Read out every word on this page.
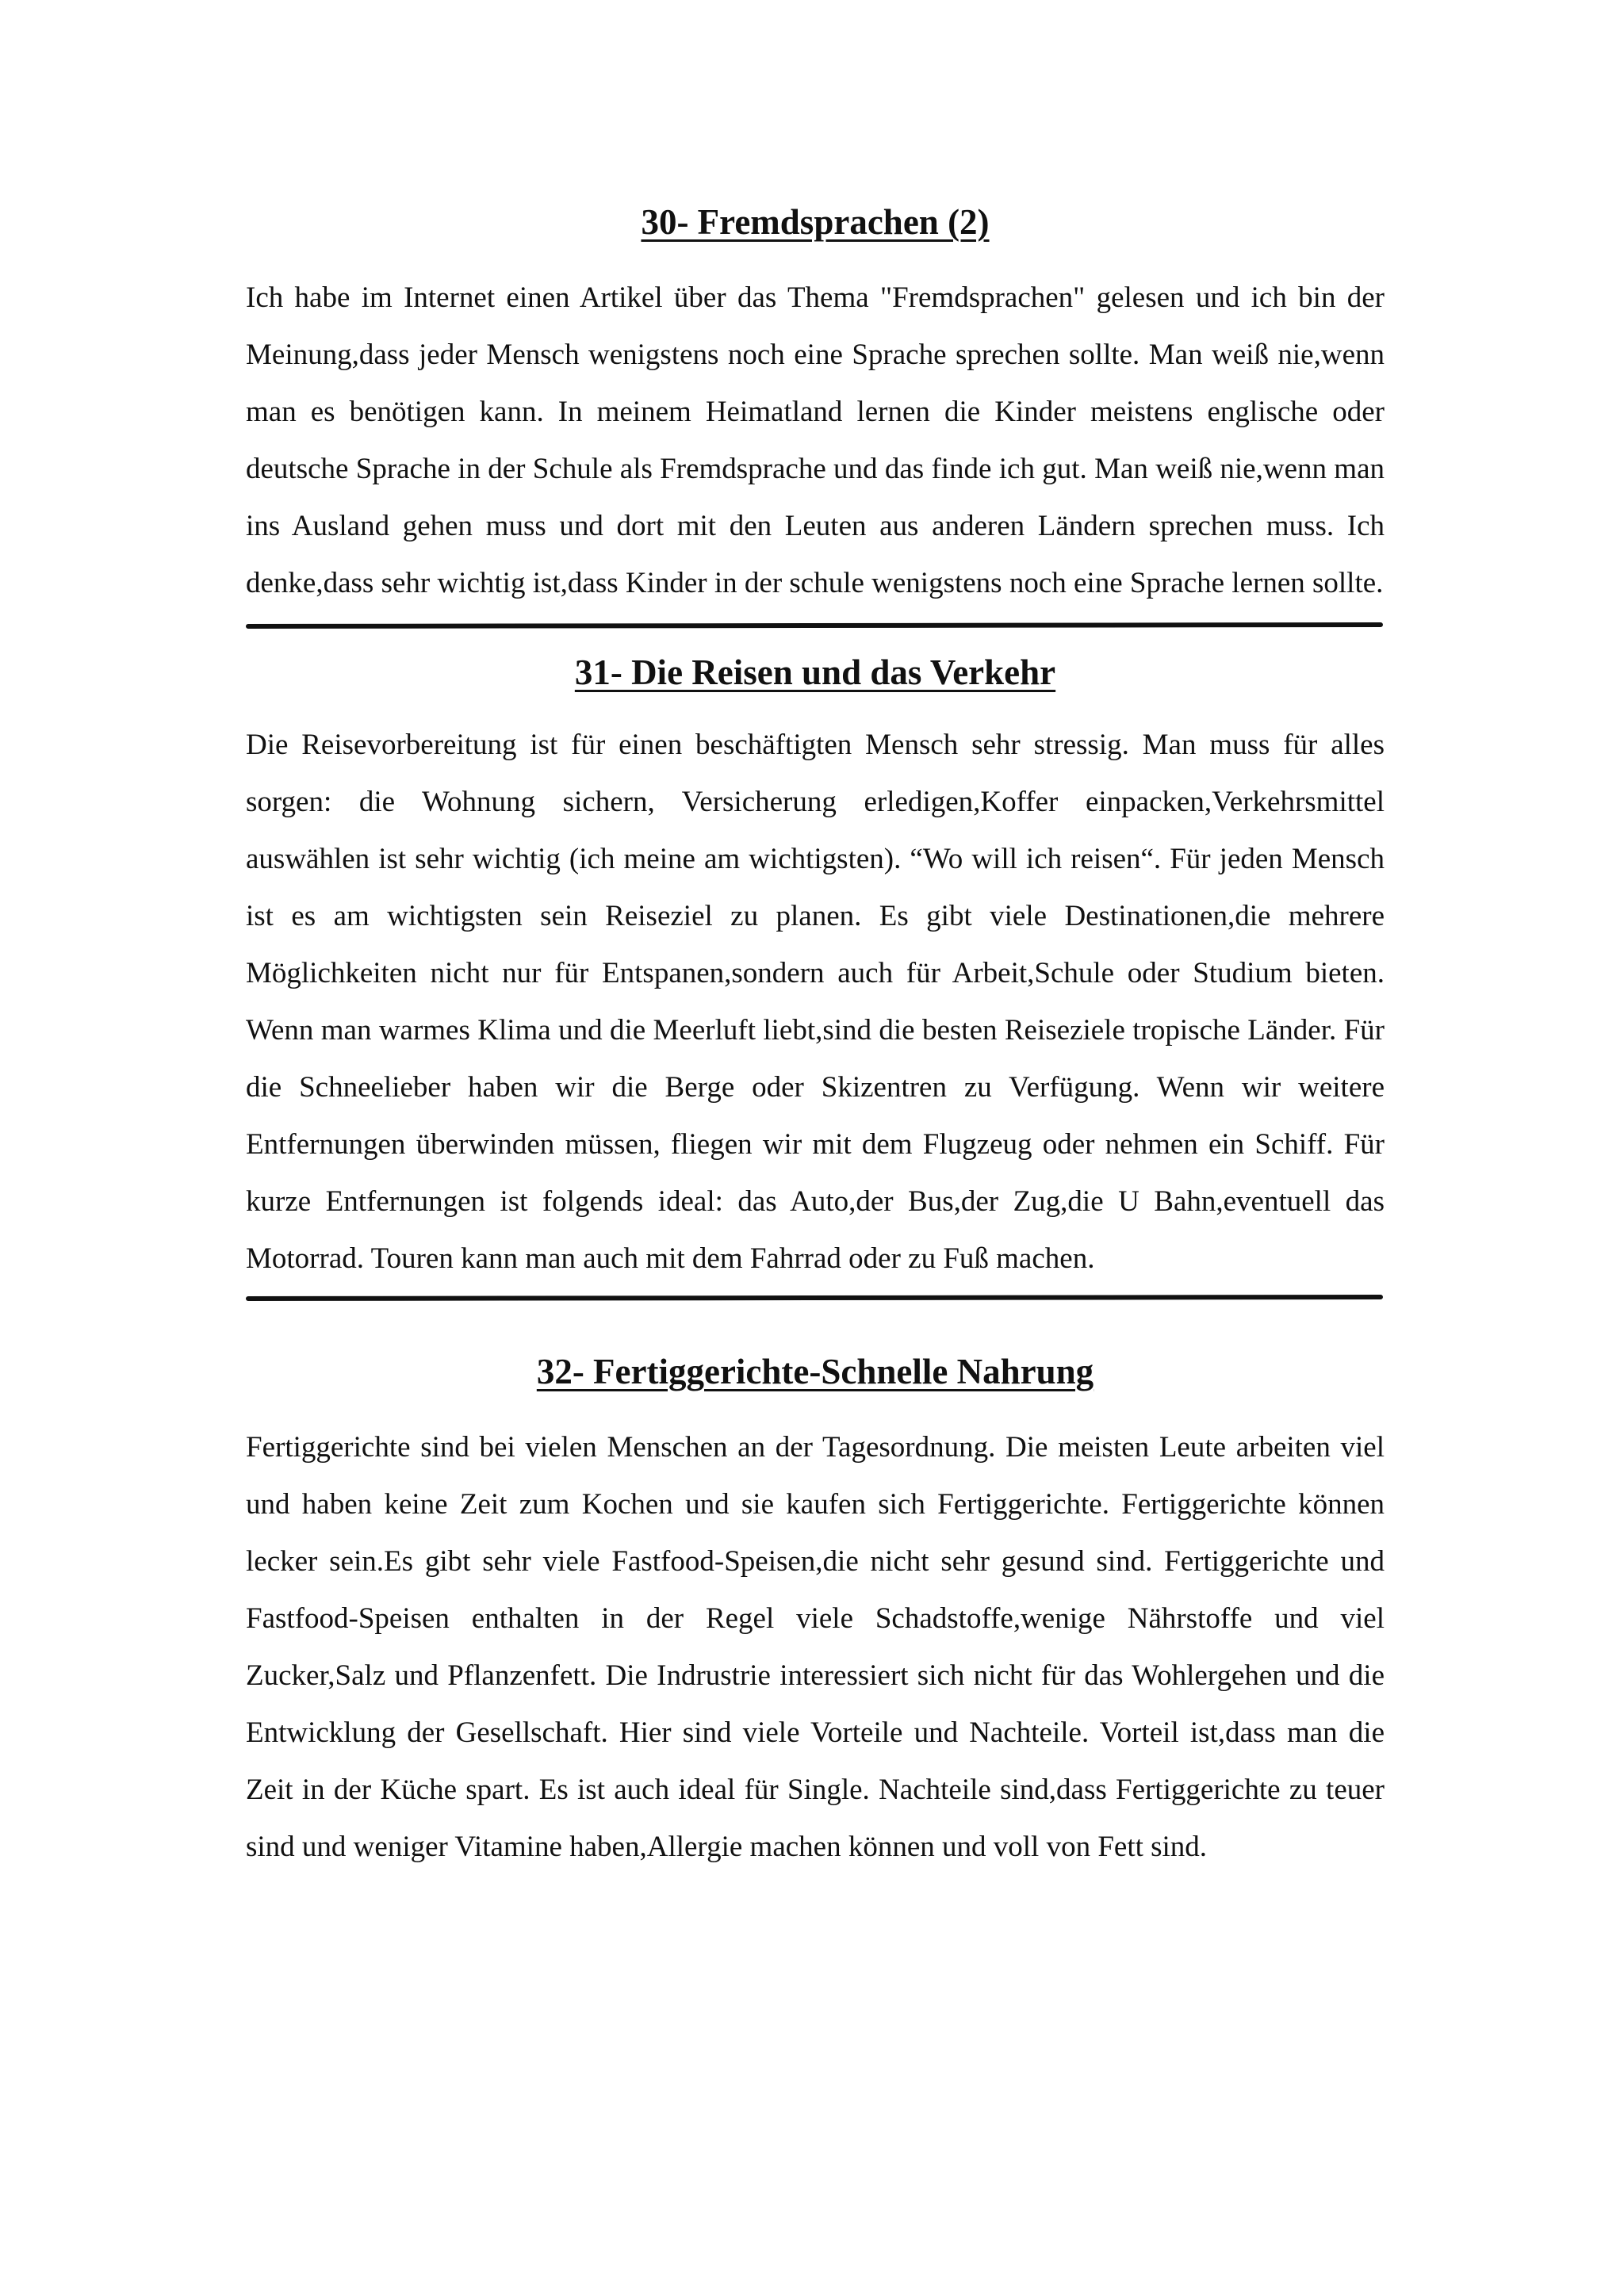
30- Fremdsprachen (2)

Ich habe im Internet einen Artikel über das Thema "Fremdsprachen" gelesen und ich bin der Meinung,dass jeder Mensch wenigstens noch eine Sprache sprechen sollte. Man weiß nie,wenn man es benötigen kann. In meinem Heimatland lernen die Kinder meistens englische oder deutsche Sprache in der Schule als Fremdsprache und das finde ich gut. Man weiß nie,wenn man ins Ausland gehen muss und dort mit den Leuten aus anderen Ländern sprechen muss. Ich denke,dass sehr wichtig ist,dass Kinder in der schule wenigstens noch eine Sprache lernen sollte.

31- Die Reisen und das Verkehr

Die Reisevorbereitung ist für einen beschäftigten Mensch sehr stressig. Man muss für alles sorgen: die Wohnung sichern, Versicherung erledigen,Koffer einpacken,Verkehrsmittel auswählen ist sehr wichtig (ich meine am wichtigsten). “Wo will ich reisen“. Für jeden Mensch ist es am wichtigsten sein Reiseziel zu planen. Es gibt viele Destinationen,die mehrere Möglichkeiten nicht nur für Entspanen,sondern auch für Arbeit,Schule oder Studium bieten. Wenn man warmes Klima und die Meerluft liebt,sind die besten Reiseziele tropische Länder. Für die Schneelieber haben wir die Berge oder Skizentren zu Verfügung. Wenn wir weitere Entfernungen überwinden müssen, fliegen wir mit dem Flugzeug oder nehmen ein Schiff. Für kurze Entfernungen ist folgends ideal: das Auto,der Bus,der Zug,die U Bahn,eventuell das Motorrad. Touren kann man auch mit dem Fahrrad oder zu Fuß machen.

32- Fertiggerichte-Schnelle Nahrung

Fertiggerichte sind bei vielen Menschen an der Tagesordnung. Die meisten Leute arbeiten viel und haben keine Zeit zum Kochen und sie kaufen sich Fertiggerichte. Fertiggerichte können lecker sein.Es gibt sehr viele Fastfood-Speisen,die nicht sehr gesund sind. Fertiggerichte und Fastfood-Speisen enthalten in der Regel viele Schadstoffe,wenige Nährstoffe und viel Zucker,Salz und Pflanzenfett. Die Indrustrie interessiert sich nicht für das Wohlergehen und die Entwicklung der Gesellschaft. Hier sind viele Vorteile und Nachteile. Vorteil ist,dass man die Zeit in der Küche spart. Es ist auch ideal für Single. Nachteile sind,dass Fertiggerichte zu teuer sind und weniger Vitamine haben,Allergie machen können und voll von Fett sind.
